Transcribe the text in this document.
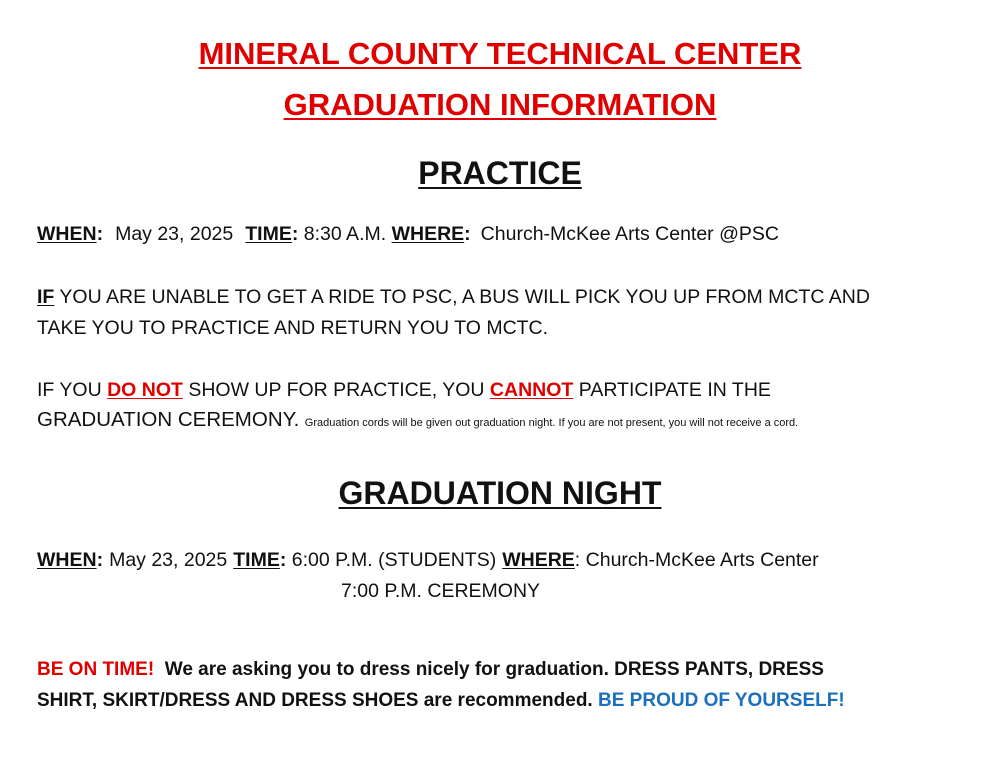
MINERAL COUNTY TECHNICAL CENTER
GRADUATION INFORMATION
PRACTICE
WHEN: May 23, 2025 TIME: 8:30 A.M. WHERE: Church-McKee Arts Center @PSC
IF YOU ARE UNABLE TO GET A RIDE TO PSC, A BUS WILL PICK YOU UP FROM MCTC AND
TAKE YOU TO PRACTICE AND RETURN YOU TO MCTC.
IF YOU DO NOT SHOW UP FOR PRACTICE, YOU CANNOT PARTICIPATE IN THE
GRADUATION CEREMONY. Graduation cords will be given out graduation night. If you are not present, you will not receive a cord.
GRADUATION NIGHT
WHEN: May 23, 2025 TIME: 6:00 P.M. (STUDENTS) WHERE: Church-McKee Arts Center
7:00 P.M. CEREMONY
BE ON TIME! We are asking you to dress nicely for graduation. DRESS PANTS, DRESS
SHIRT, SKIRT/DRESS AND DRESS SHOES are recommended. BE PROUD OF YOURSELF!
